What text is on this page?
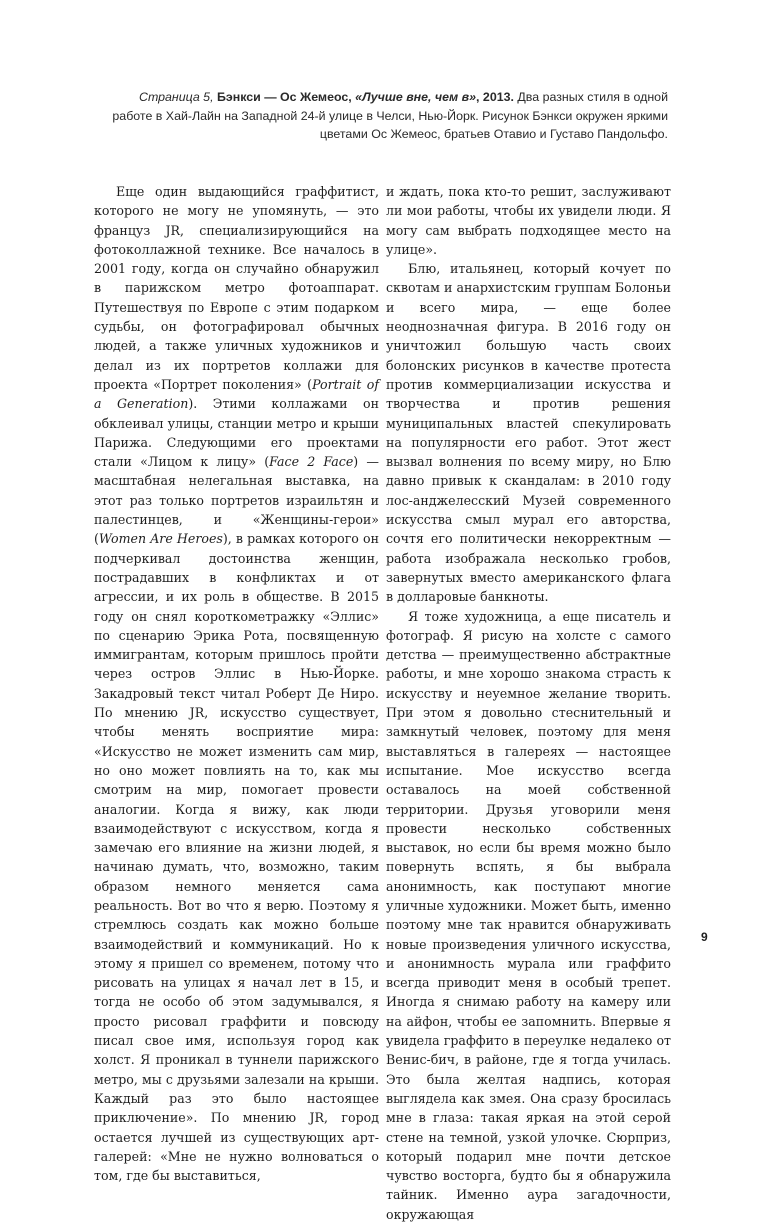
Страница 5, Бэнкси — Ос Жемеос, «Лучше вне, чем в», 2013. Два разных стиля в одной работе в Хай-Лайн на Западной 24-й улице в Челси, Нью-Йорк. Рисунок Бэнкси окружен яркими цветами Ос Жемеос, братьев Отавио и Густаво Пандольфо.

Еще один выдающийся граффитист, которого не могу не упомянуть, — это француз JR, специализирующийся на фотоколлажной технике. Все началось в 2001 году, когда он случайно обнаружил в парижском метро фотоаппарат. Путешествуя по Европе с этим подарком судьбы, он фотографировал обычных людей, а также уличных художников и делал из их портретов коллажи для проекта «Портрет поколения» (Portrait of a Generation). Этими коллажами он обклеивал улицы, станции метро и крыши Парижа. Следующими его проектами стали «Лицом к лицу» (Face 2 Face) — масштабная нелегальная выставка, на этот раз только портретов израильтян и палестинцев, и «Женщины-герои» (Women Are Heroes), в рамках которого он подчеркивал достоинства женщин, пострадавших в конфликтах и от агрессии, и их роль в обществе. В 2015 году он снял короткометражку «Эллис» по сценарию Эрика Рота, посвященную иммигрантам, которым пришлось пройти через остров Эллис в Нью-Йорке. Закадровый текст читал Роберт Де Ниро. По мнению JR, искусство существует, чтобы менять восприятие мира: «Искусство не может изменить сам мир, но оно может повлиять на то, как мы смотрим на мир, помогает провести аналогии. Когда я вижу, как люди взаимодействуют с искусством, когда я замечаю его влияние на жизни людей, я начинаю думать, что, возможно, таким образом немного меняется сама реальность. Вот во что я верю. Поэтому я стремлюсь создать как можно больше взаимодействий и коммуникаций. Но к этому я пришел со временем, потому что рисовать на улицах я начал лет в 15, и тогда не особо об этом задумывался, я просто рисовал граффити и повсюду писал свое имя, используя город как холст. Я проникал в туннели парижского метро, мы с друзьями залезали на крыши. Каждый раз это было настоящее приключение». По мнению JR, город остается лучшей из существующих арт-галерей: «Мне не нужно волноваться о том, где бы выставиться,

и ждать, пока кто-то решит, заслуживают ли мои работы, чтобы их увидели люди. Я могу сам выбрать подходящее место на улице».

Блю, итальянец, который кочует по сквотам и анархистским группам Болоньи и всего мира, — еще более неоднозначная фигура. В 2016 году он уничтожил большую часть своих болонских рисунков в качестве протеста против коммерциализации искусства и творчества и против решения муниципальных властей спекулировать на популярности его работ. Этот жест вызвал волнения по всему миру, но Блю давно привык к скандалам: в 2010 году лос-анджелесский Музей современного искусства смыл мурал его авторства, сочтя его политически некорректным — работа изображала несколько гробов, завернутых вместо американского флага в долларовые банкноты.

Я тоже художница, а еще писатель и фотограф. Я рисую на холсте с самого детства — преимущественно абстрактные работы, и мне хорошо знакома страсть к искусству и неуемное желание творить. При этом я довольно стеснительный и замкнутый человек, поэтому для меня выставляться в галереях — настоящее испытание. Мое искусство всегда оставалось на моей собственной территории. Друзья уговорили меня провести несколько собственных выставок, но если бы время можно было повернуть вспять, я бы выбрала анонимность, как поступают многие уличные художники. Может быть, именно поэтому мне так нравится обнаруживать новые произведения уличного искусства, и анонимность мурала или граффито всегда приводит меня в особый трепет. Иногда я снимаю работу на камеру или на айфон, чтобы ее запомнить. Впервые я увидела граффито в переулке недалеко от Венис-бич, в районе, где я тогда училась. Это была желтая надпись, которая выглядела как змея. Она сразу бросилась мне в глаза: такая яркая на этой серой стене на темной, узкой улочке. Сюрприз, который подарил мне почти детское чувство восторга, будто бы я обнаружила тайник. Именно аура загадочности, окружающая

9
